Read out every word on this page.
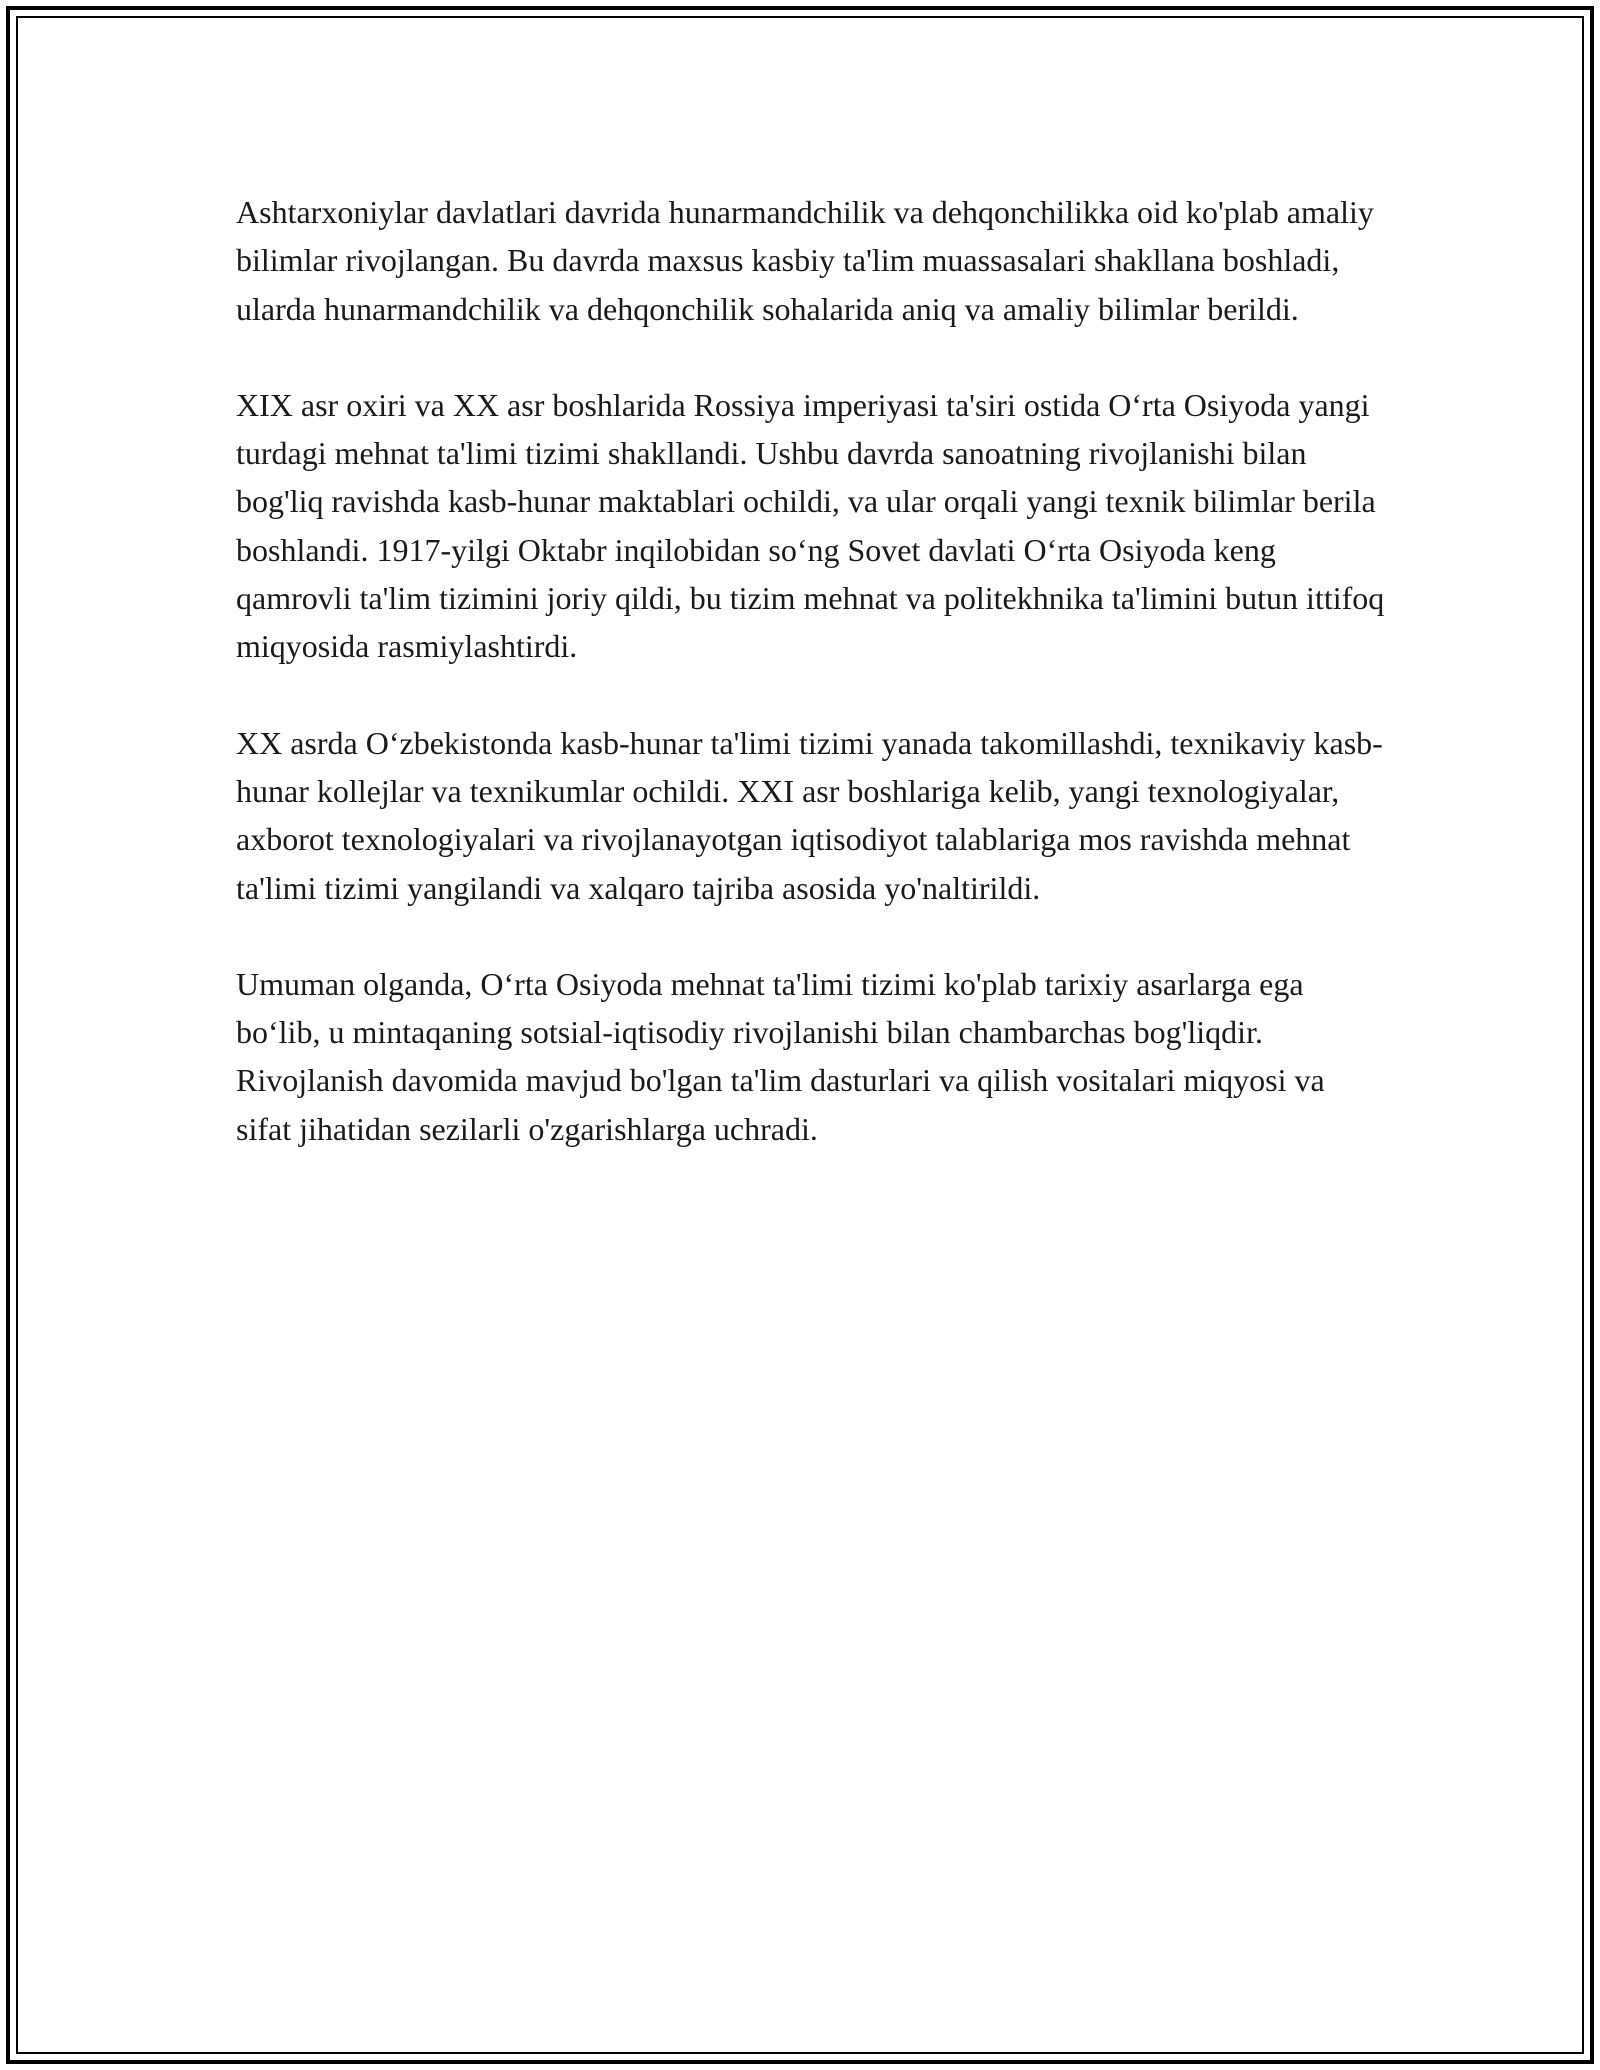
Ashtarxoniylar davlatlari davrida hunarmandchilik va dehqonchilikka oid ko'plab amaliy bilimlar rivojlangan. Bu davrda maxsus kasbiy ta'lim muassasalari shakllana boshladi, ularda hunarmandchilik va dehqonchilik sohalarida aniq va amaliy bilimlar berildi.

XIX asr oxiri va XX asr boshlarida Rossiya imperiyasi ta'siri ostida O‘rta Osiyoda yangi turdagi mehnat ta'limi tizimi shakllandi. Ushbu davrda sanoatning rivojlanishi bilan bog'liq ravishda kasb-hunar maktablari ochildi, va ular orqali yangi texnik bilimlar berila boshlandi. 1917-yilgi Oktabr inqilobidan so‘ng Sovet davlati O‘rta Osiyoda keng qamrovli ta'lim tizimini joriy qildi, bu tizim mehnat va politekhnika ta'limini butun ittifoq miqyosida rasmiylashtirdi.

XX asrda O‘zbekistonda kasb-hunar ta'limi tizimi yanada takomillashdi, texnikaviy kasb-hunar kollejlar va texnikumlar ochildi. XXI asr boshlariga kelib, yangi texnologiyalar, axborot texnologiyalari va rivojlanayotgan iqtisodiyot talablariga mos ravishda mehnat ta'limi tizimi yangilandi va xalqaro tajriba asosida yo'naltirildi.

Umuman olganda, O‘rta Osiyoda mehnat ta'limi tizimi ko'plab tarixiy asarlarga ega bo‘lib, u mintaqaning sotsial-iqtisodiy rivojlanishi bilan chambarchas bog'liqdir. Rivojlanish davomida mavjud bo'lgan ta'lim dasturlari va qilish vositalari miqyosi va sifat jihatidan sezilarli o'zgarishlarga uchradi.
